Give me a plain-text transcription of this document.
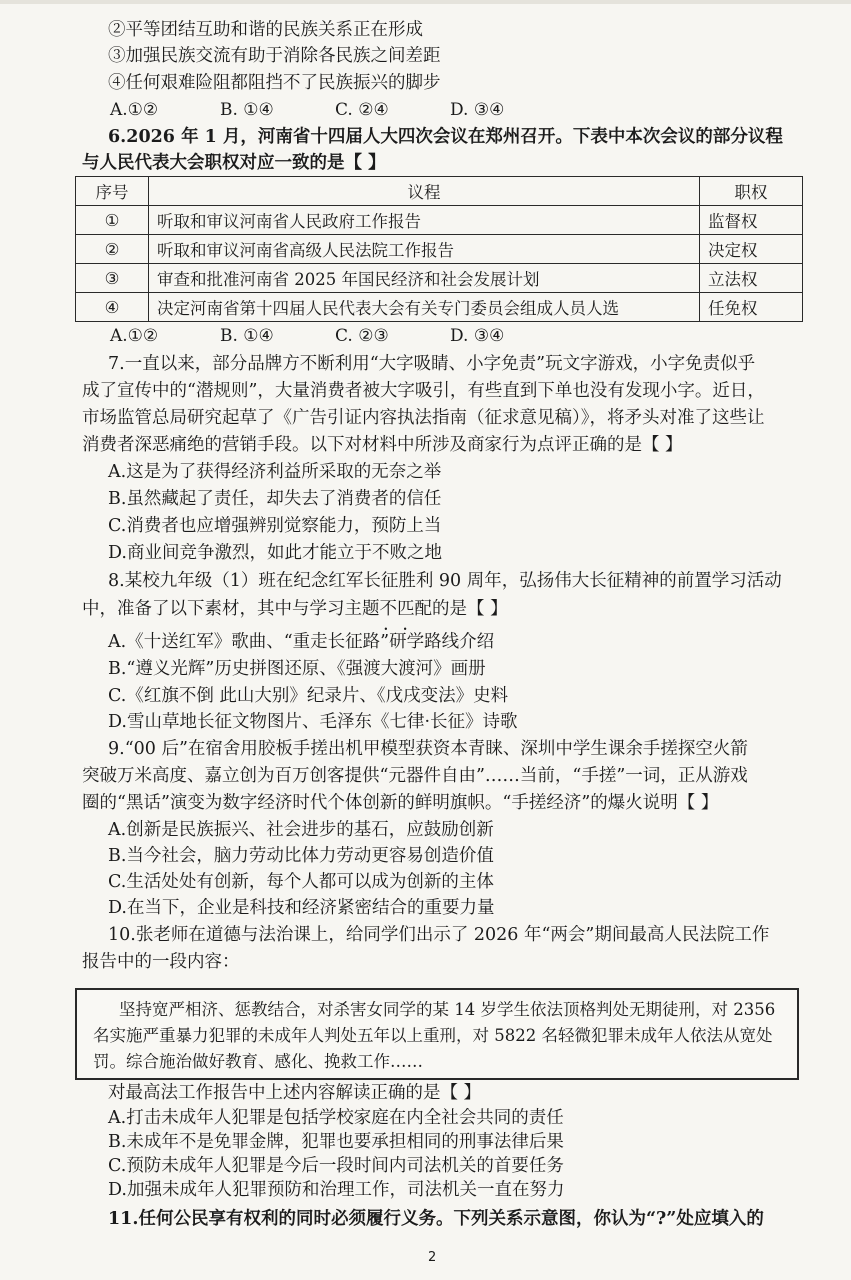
②平等团结互助和谐的民族关系正在形成
③加强民族交流有助于消除各民族之间差距
④任何艰难险阻都阻挡不了民族振兴的脚步
A.①②	B. ①④	C. ②④	D. ③④
6.2026 年 1 月，河南省十四届人大四次会议在郑州召开。下表中本次会议的部分议程
与人民代表大会职权对应一致的是【 】
序号	议程	职权
①	听取和审议河南省人民政府工作报告	监督权
②	听取和审议河南省高级人民法院工作报告	决定权
③	审查和批准河南省 2025 年国民经济和社会发展计划	立法权
④	决定河南省第十四届人民代表大会有关专门委员会组成人员人选	任免权
A.①②	B. ①④	C. ②③	D. ③④
7.一直以来，部分品牌方不断利用“大字吸睛、小字免责”玩文字游戏，小字免责似乎
成了宣传中的“潜规则”，大量消费者被大字吸引，有些直到下单也没有发现小字。近日，
市场监管总局研究起草了《广告引证内容执法指南（征求意见稿）》，将矛头对准了这些让
消费者深恶痛绝的营销手段。以下对材料中所涉及商家行为点评正确的是【 】
A.这是为了获得经济利益所采取的无奈之举
B.虽然藏起了责任，却失去了消费者的信任
C.消费者也应增强辨别觉察能力，预防上当
D.商业间竞争激烈，如此才能立于不败之地
8.某校九年级（1）班在纪念红军长征胜利 90 周年，弘扬伟大长征精神的前置学习活动
中，准备了以下素材，其中与学习主题不匹配 • •的是【 】
A.《十送红军》歌曲、“重走长征路”研学路线介绍
B.“遵义光辉”历史拼图还原、《强渡大渡河》画册
C.《红旗不倒 此山大别》纪录片、《戊戌变法》史料
D.雪山草地长征文物图片、毛泽东《七律·长征》诗歌
9.“00 后”在宿舍用胶板手搓出机甲模型获资本青睐、深圳中学生课余手搓探空火箭
突破万米高度、嘉立创为百万创客提供“元器件自由”……当前，“手搓”一词，正从游戏
圈的“黑话”演变为数字经济时代个体创新的鲜明旗帜。“手搓经济”的爆火说明【 】
A.创新是民族振兴、社会进步的基石，应鼓励创新
B.当今社会，脑力劳动比体力劳动更容易创造价值
C.生活处处有创新，每个人都可以成为创新的主体
D.在当下，企业是科技和经济紧密结合的重要力量
10.张老师在道德与法治课上，给同学们出示了 2026 年“两会”期间最高人民法院工作
报告中的一段内容：
坚持宽严相济、惩教结合，对杀害女同学的某 14 岁学生依法顶格判处无期徒刑，对 2356
名实施严重暴力犯罪的未成年人判处五年以上重刑，对 5822 名轻微犯罪未成年人依法从宽处
罚。综合施治做好教育、感化、挽救工作……
对最高法工作报告中上述内容解读正确的是【 】
A.打击未成年人犯罪是包括学校家庭在内全社会共同的责任
B.未成年不是免罪金牌，犯罪也要承担相同的刑事法律后果
C.预防未成年人犯罪是今后一段时间内司法机关的首要任务
D.加强未成年人犯罪预防和治理工作，司法机关一直在努力
11.任何公民享有权利的同时必须履行义务。下列关系示意图，你认为“?”处应填入的
2
